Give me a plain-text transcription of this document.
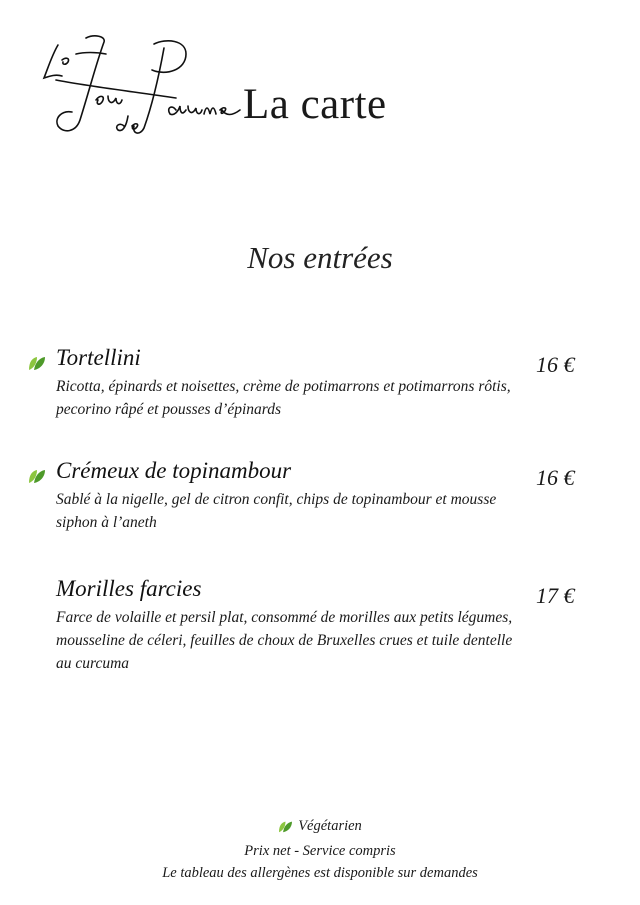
La carte
Nos entrées
Tortellini
Ricotta, épinards et noisettes, crème de potimarrons et potimarrons rôtis, pecorino râpé et pousses d’épinards
16 €
Crémeux de topinambour
Sablé à la nigelle, gel de citron confit, chips de topinambour et mousse siphon à l’aneth
16 €
Morilles farcies
Farce de volaille et persil plat, consommé de morilles aux petits légumes, mousseline de céleri, feuilles de choux de Bruxelles crues et tuile dentelle au curcuma
17 €
Végétarien
Prix net - Service compris
Le tableau des allergènes est disponible sur demandes
